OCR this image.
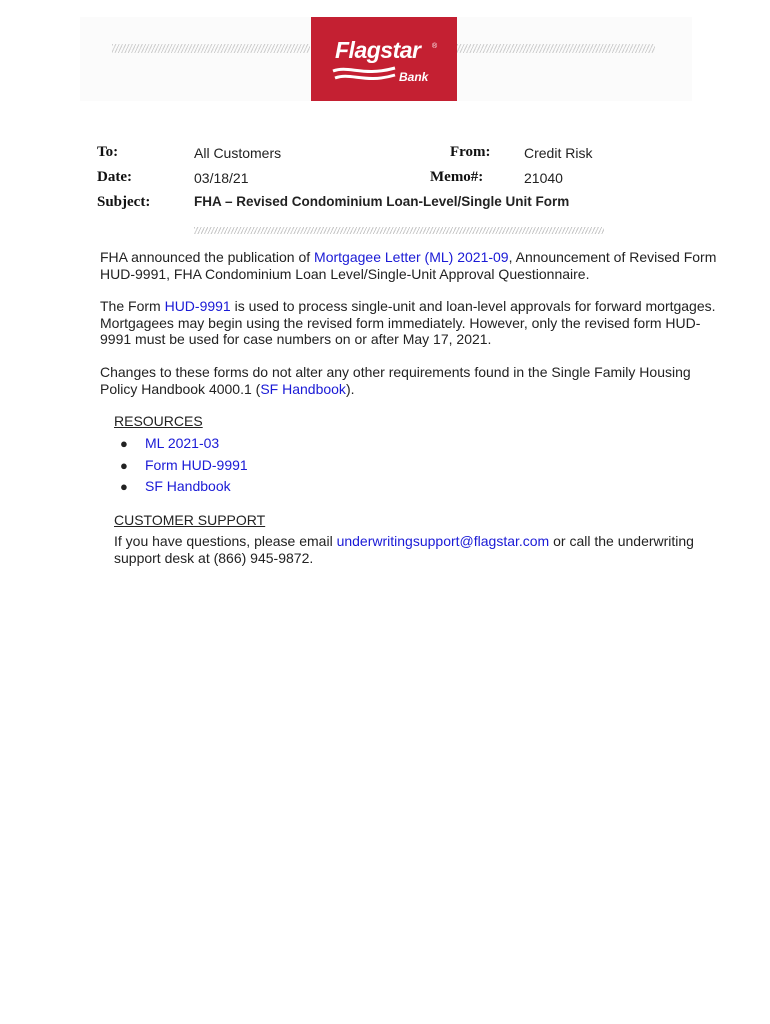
Flagstar ®
Bank
To:	All Customers	From: Credit Risk
Date:	03/18/21	Memo#:	21040
Subject:	FHA – Revised Condominium Loan-Level/Single Unit Form

FHA announced the publication of Mortgagee Letter (ML) 2021-09, Announcement of Revised Form HUD-9991, FHA Condominium Loan Level/Single-Unit Approval Questionnaire.

The Form HUD-9991 is used to process single-unit and loan-level approvals for forward mortgages. Mortgagees may begin using the revised form immediately. However, only the revised form HUD-9991 must be used for case numbers on or after May 17, 2021.

Changes to these forms do not alter any other requirements found in the Single Family Housing Policy Handbook 4000.1 (SF Handbook).

RESOURCES
● ML 2021-03
● Form HUD-9991
● SF Handbook
CUSTOMER SUPPORT

If you have questions, please email underwritingsupport@flagstar.com or call the underwriting support desk at (866) 945-9872.
